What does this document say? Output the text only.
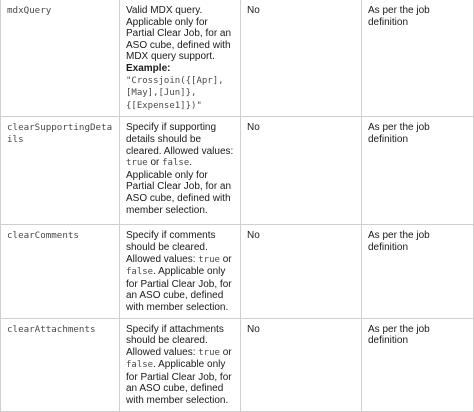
mdxQuery	Valid MDX query. Applicable only for Partial Clear Job, for an ASO cube, defined with MDX query support.
Example:
"Crossjoin({[Apr],[May],[Jun]},{[Expense1]})"	No	As per the job definition
clearSupportingDetails	Specify if supporting details should be cleared. Allowed values: true or false. Applicable only for Partial Clear Job, for an ASO cube, defined with member selection.	No	As per the job definition
clearComments	Specify if comments should be cleared. Allowed values: true or false. Applicable only for Partial Clear Job, for an ASO cube, defined with member selection.	No	As per the job definition
clearAttachments	Specify if attachments should be cleared. Allowed values: true or false. Applicable only for Partial Clear Job, for an ASO cube, defined with member selection.	No	As per the job definition
